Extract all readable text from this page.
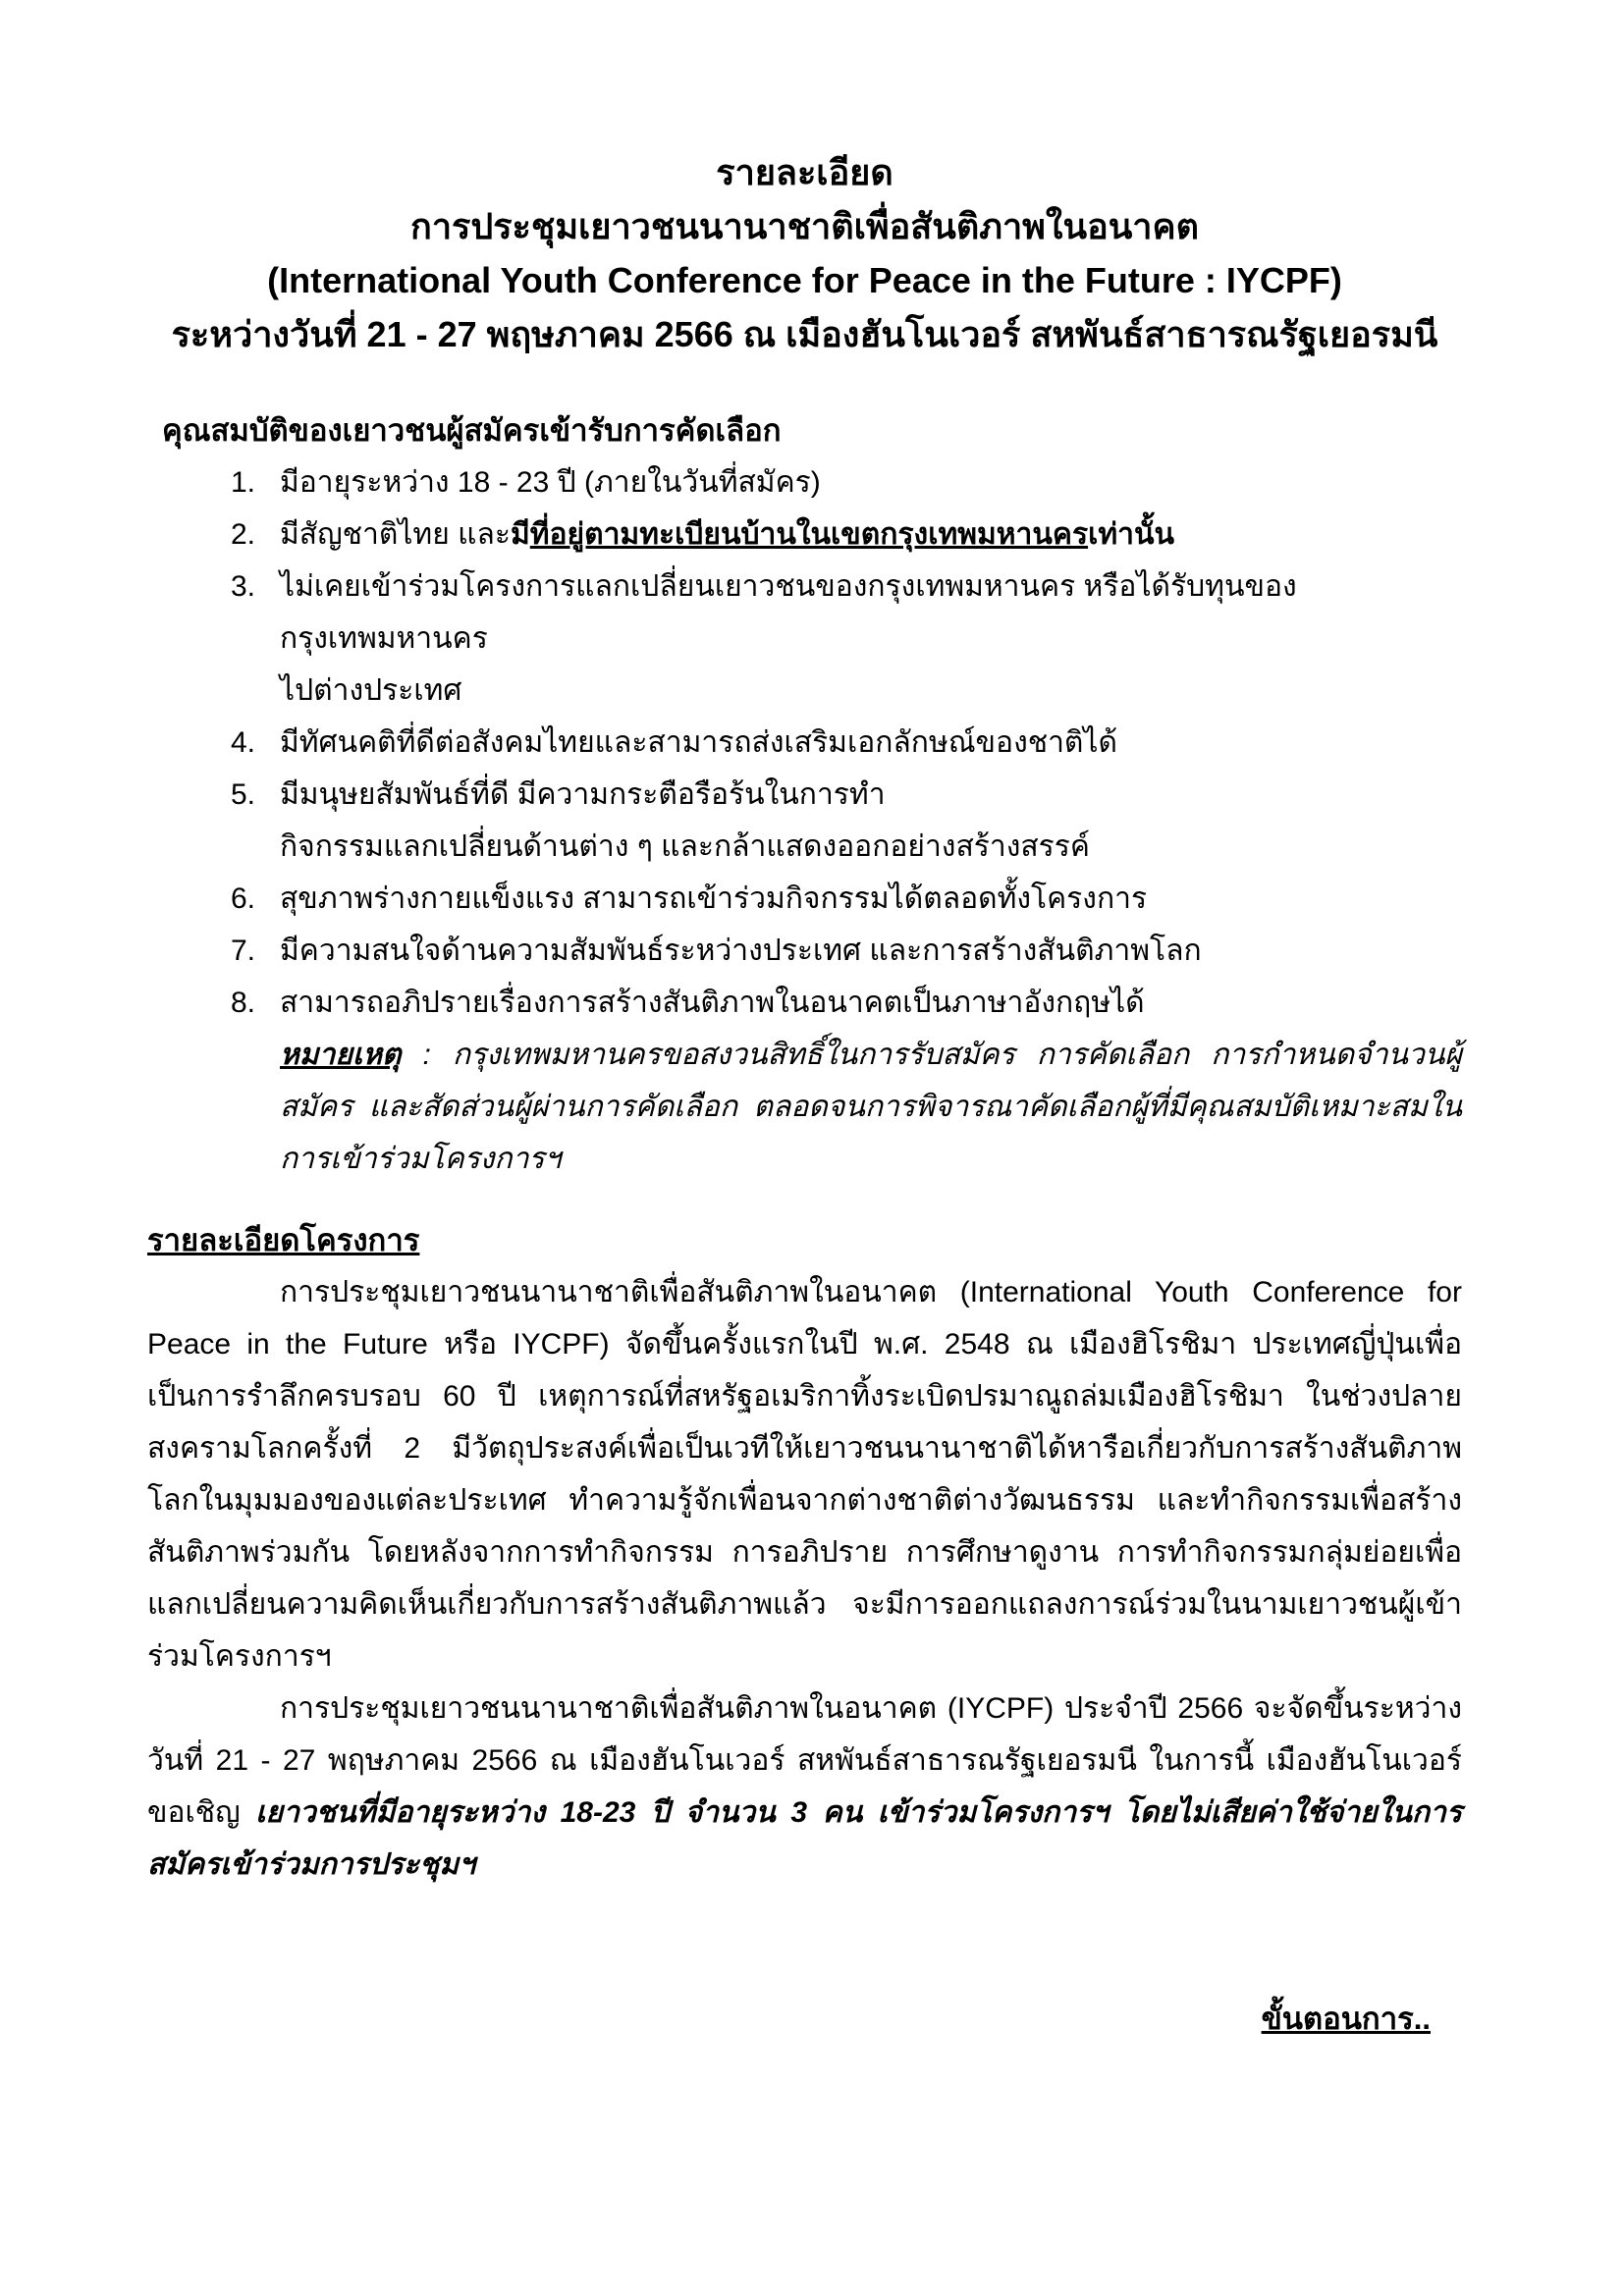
รายละเอียด
การประชุมเยาวชนนานาชาติเพื่อสันติภาพในอนาคต
(International Youth Conference for Peace in the Future : IYCPF)
ระหว่างวันที่ 21 - 27 พฤษภาคม 2566 ณ เมืองฮันโนเวอร์ สหพันธ์สาธารณรัฐเยอรมนี
คุณสมบัติของเยาวชนผู้สมัครเข้ารับการคัดเลือก
1. มีอายุระหว่าง 18 - 23 ปี (ภายในวันที่สมัคร)
2. มีสัญชาติไทย และมีที่อยู่ตามทะเบียนบ้านในเขตกรุงเทพมหานครเท่านั้น
3. ไม่เคยเข้าร่วมโครงการแลกเปลี่ยนเยาวชนของกรุงเทพมหานคร หรือได้รับทุนของกรุงเทพมหานคร
ไปต่างประเทศ
4. มีทัศนคติที่ดีต่อสังคมไทยและสามารถส่งเสริมเอกลักษณ์ของชาติได้
5. มีมนุษยสัมพันธ์ที่ดี มีความกระตือรือร้นในการทำ
กิจกรรมแลกเปลี่ยนด้านต่าง ๆ และกล้าแสดงออกอย่างสร้างสรรค์
6. สุขภาพร่างกายแข็งแรง สามารถเข้าร่วมกิจกรรมได้ตลอดทั้งโครงการ
7. มีความสนใจด้านความสัมพันธ์ระหว่างประเทศ และการสร้างสันติภาพโลก
8. สามารถอภิปรายเรื่องการสร้างสันติภาพในอนาคตเป็นภาษาอังกฤษได้
หมายเหตุ : กรุงเทพมหานครขอสงวนสิทธิ์ในการรับสมัคร การคัดเลือก การกำหนดจำนวนผู้สมัคร และสัดส่วนผู้ผ่านการคัดเลือก ตลอดจนการพิจารณาคัดเลือกผู้ที่มีคุณสมบัติเหมาะสมในการเข้าร่วมโครงการฯ
รายละเอียดโครงการ

การประชุมเยาวชนนานาชาติเพื่อสันติภาพในอนาคต (International Youth Conference for Peace in the Future หรือ IYCPF) จัดขึ้นครั้งแรกในปี พ.ศ. 2548 ณ เมืองฮิโรชิมา ประเทศญี่ปุ่นเพื่อเป็นการรำลึกครบรอบ 60 ปี เหตุการณ์ที่สหรัฐอเมริกาทิ้งระเบิดปรมาณูถล่มเมืองฮิโรชิมา ในช่วงปลายสงครามโลกครั้งที่ 2 มีวัตถุประสงค์เพื่อเป็นเวทีให้เยาวชนนานาชาติได้หารือเกี่ยวกับการสร้างสันติภาพโลกในมุมมองของแต่ละประเทศ ทำความรู้จักเพื่อนจากต่างชาติต่างวัฒนธรรม และทำกิจกรรมเพื่อสร้างสันติภาพร่วมกัน โดยหลังจากการทำกิจกรรม การอภิปราย การศึกษาดูงาน การทำกิจกรรมกลุ่มย่อยเพื่อแลกเปลี่ยนความคิดเห็นเกี่ยวกับการสร้างสันติภาพแล้ว จะมีการออกแถลงการณ์ร่วมในนามเยาวชนผู้เข้าร่วมโครงการฯ

การประชุมเยาวชนนานาชาติเพื่อสันติภาพในอนาคต (IYCPF) ประจำปี 2566 จะจัดขึ้นระหว่างวันที่ 21 - 27 พฤษภาคม 2566 ณ เมืองฮันโนเวอร์ สหพันธ์สาธารณรัฐเยอรมนี ในการนี้ เมืองฮันโนเวอร์ ขอเชิญ เยาวชนที่มีอายุระหว่าง 18-23 ปี จำนวน 3 คน เข้าร่วมโครงการฯ โดยไม่เสียค่าใช้จ่ายในการสมัครเข้าร่วมการประชุมฯ

ขั้นตอนการ..
